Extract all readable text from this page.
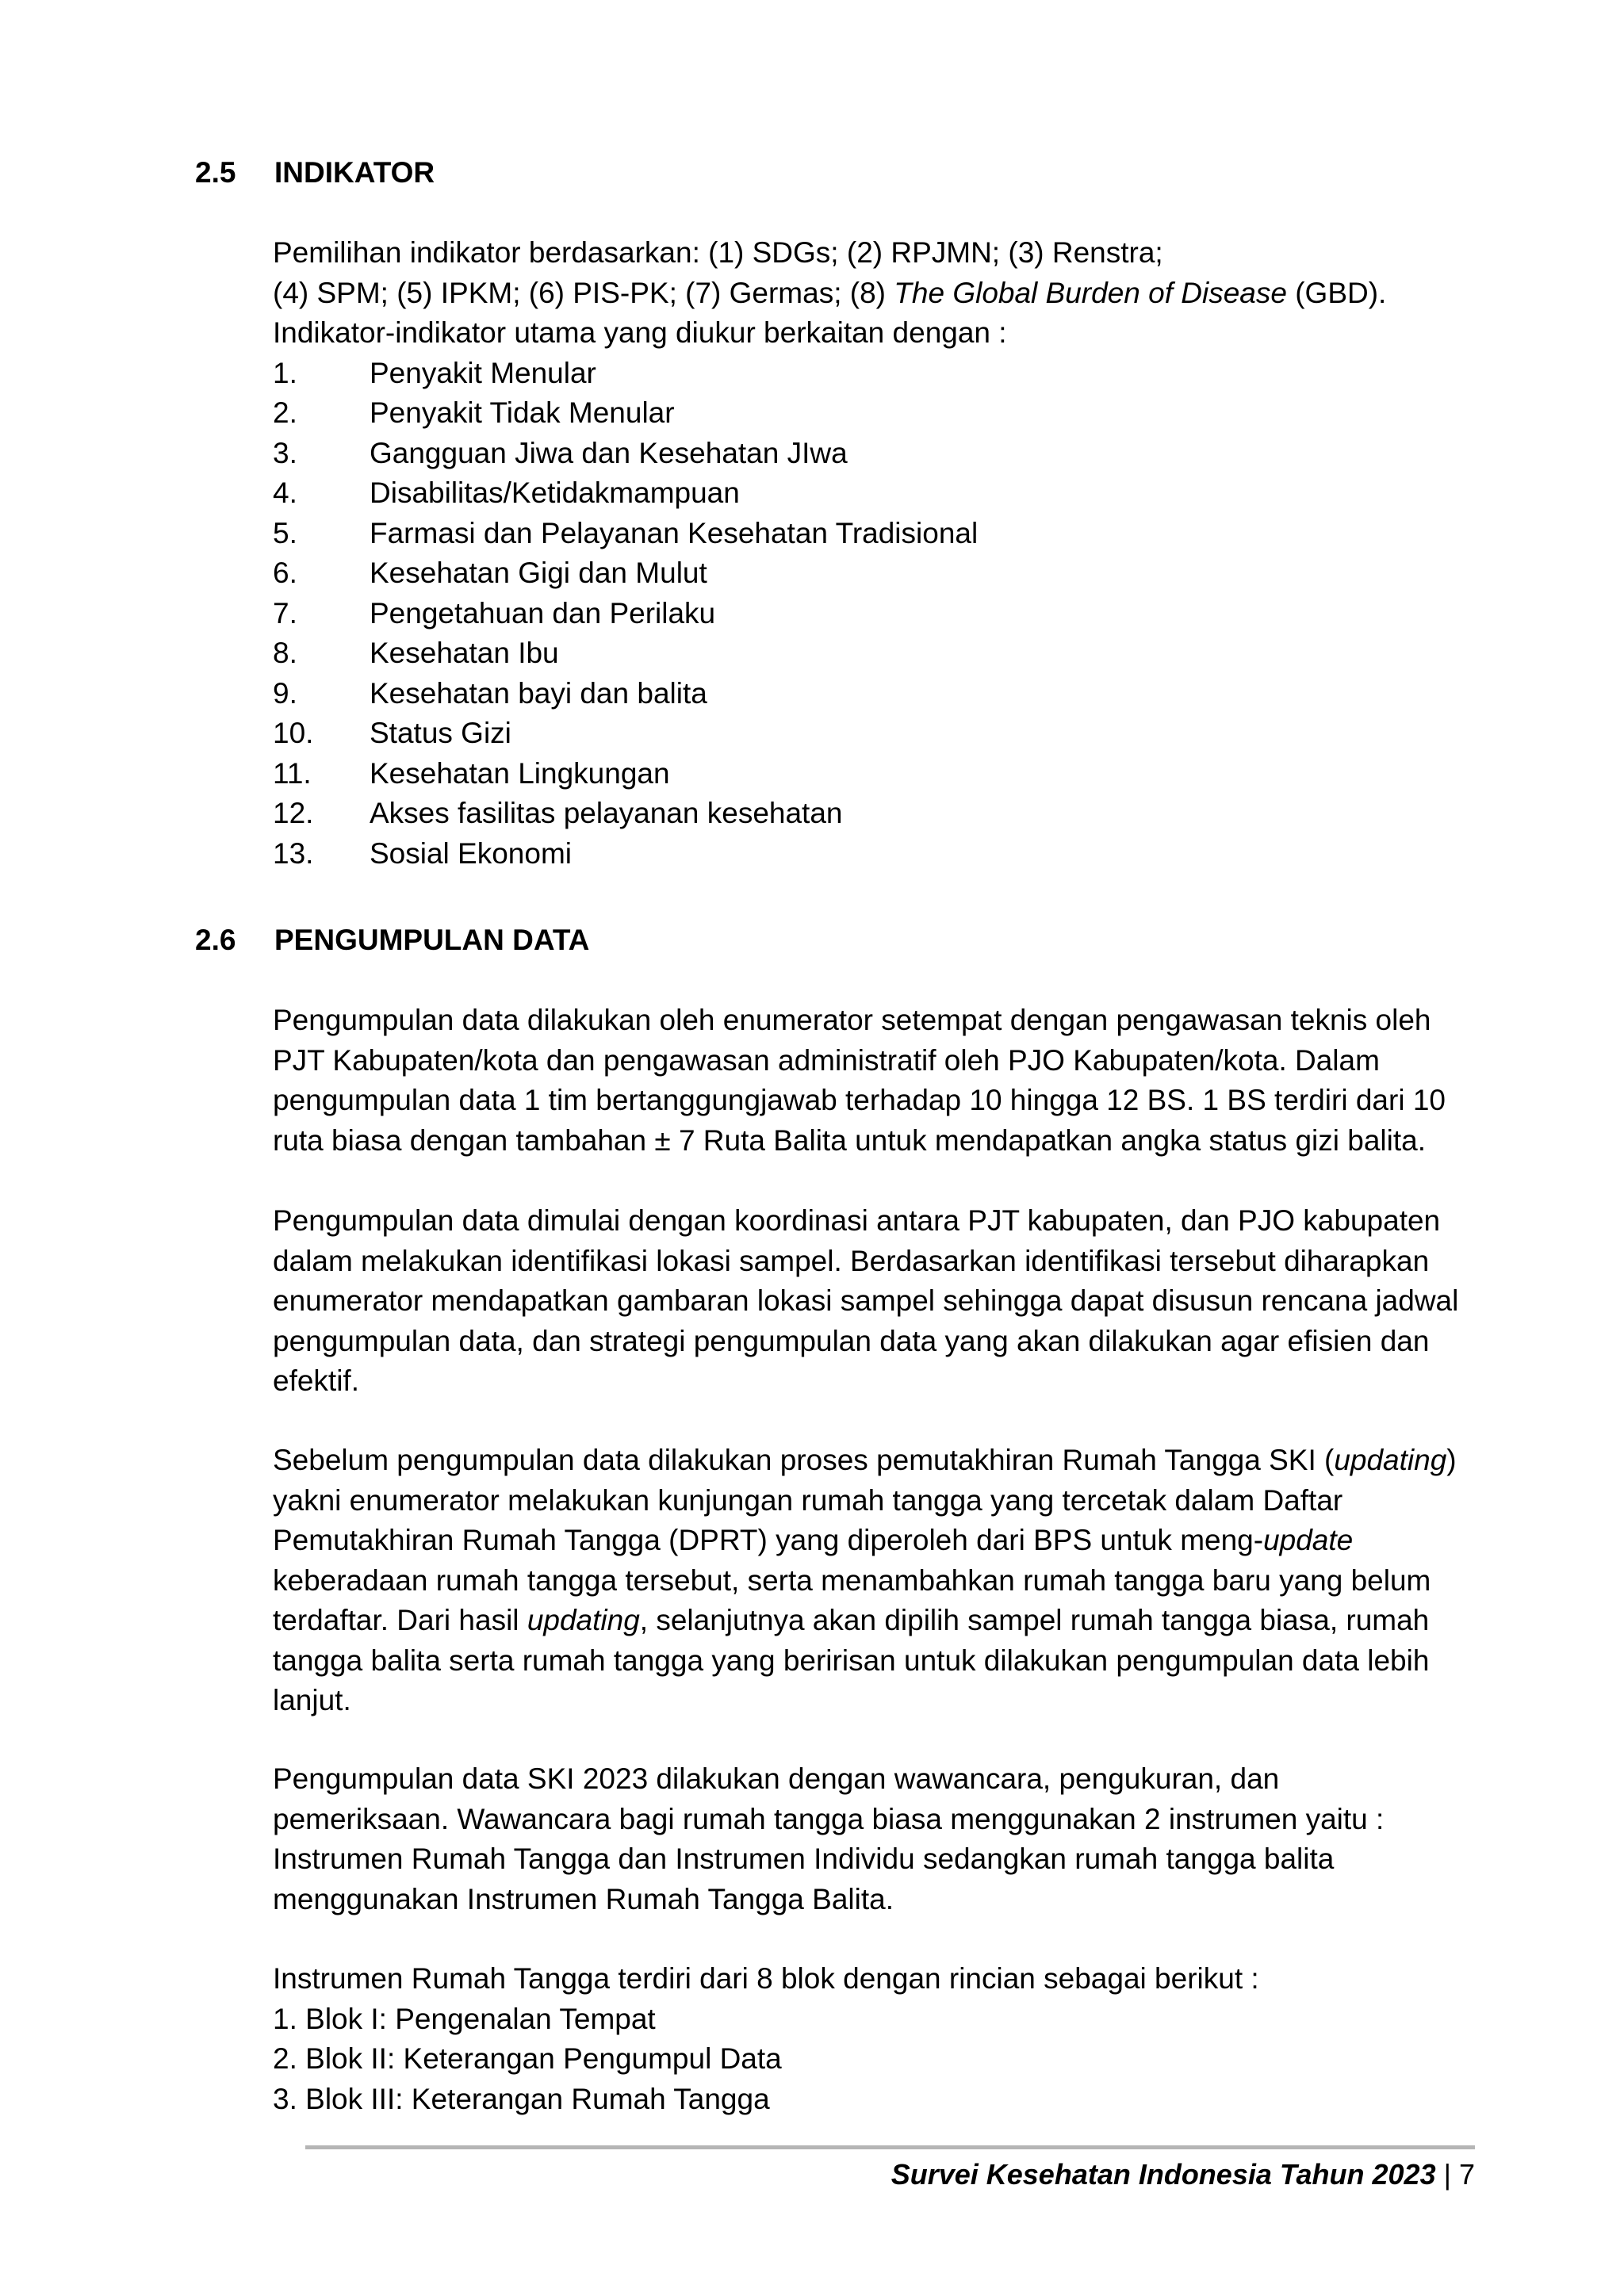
2.5 INDIKATOR

Pemilihan indikator berdasarkan: (1) SDGs; (2) RPJMN; (3) Renstra;

(4) SPM; (5) IPKM; (6) PIS-PK; (7) Germas; (8) The Global Burden of Disease (GBD).

Indikator-indikator utama yang diukur berkaitan dengan :

1.	Penyakit Menular
2.	Penyakit Tidak Menular
3.	Gangguan Jiwa dan Kesehatan JIwa
4.	Disabilitas/Ketidakmampuan
5.	Farmasi dan Pelayanan Kesehatan Tradisional
6.	Kesehatan Gigi dan Mulut
7.	Pengetahuan dan Perilaku
8.	Kesehatan Ibu
9.	Kesehatan bayi dan balita
10.	Status Gizi
11.	Kesehatan Lingkungan
12.	Akses fasilitas pelayanan kesehatan
13.	Sosial Ekonomi
2.6 PENGUMPULAN DATA

Pengumpulan data dilakukan oleh enumerator setempat dengan pengawasan teknis oleh

PJT Kabupaten/kota dan pengawasan administratif oleh PJO Kabupaten/kota. Dalam

pengumpulan data 1 tim bertanggungjawab terhadap 10 hingga 12 BS. 1 BS terdiri dari 10

ruta biasa dengan tambahan ± 7 Ruta Balita untuk mendapatkan angka status gizi balita.

Pengumpulan data dimulai dengan koordinasi antara PJT kabupaten, dan PJO kabupaten

dalam melakukan identifikasi lokasi sampel. Berdasarkan identifikasi tersebut diharapkan

enumerator mendapatkan gambaran lokasi sampel sehingga dapat disusun rencana jadwal

pengumpulan data, dan strategi pengumpulan data yang akan dilakukan agar efisien dan

efektif.

Sebelum pengumpulan data dilakukan proses pemutakhiran Rumah Tangga SKI (updating)

yakni enumerator melakukan kunjungan rumah tangga yang tercetak dalam Daftar

Pemutakhiran Rumah Tangga (DPRT) yang diperoleh dari BPS untuk meng-update

keberadaan rumah tangga tersebut, serta menambahkan rumah tangga baru yang belum

terdaftar. Dari hasil updating, selanjutnya akan dipilih sampel rumah tangga biasa, rumah

tangga balita serta rumah tangga yang beririsan untuk dilakukan pengumpulan data lebih

lanjut.

Pengumpulan data SKI 2023 dilakukan dengan wawancara, pengukuran, dan

pemeriksaan. Wawancara bagi rumah tangga biasa menggunakan 2 instrumen yaitu :

Instrumen Rumah Tangga dan Instrumen Individu sedangkan rumah tangga balita

menggunakan Instrumen Rumah Tangga Balita.

Instrumen Rumah Tangga terdiri dari 8 blok dengan rincian sebagai berikut :

1. Blok I: Pengenalan Tempat
2. Blok II: Keterangan Pengumpul Data
3. Blok III: Keterangan Rumah Tangga
Survei Kesehatan Indonesia Tahun 2023 | 7
